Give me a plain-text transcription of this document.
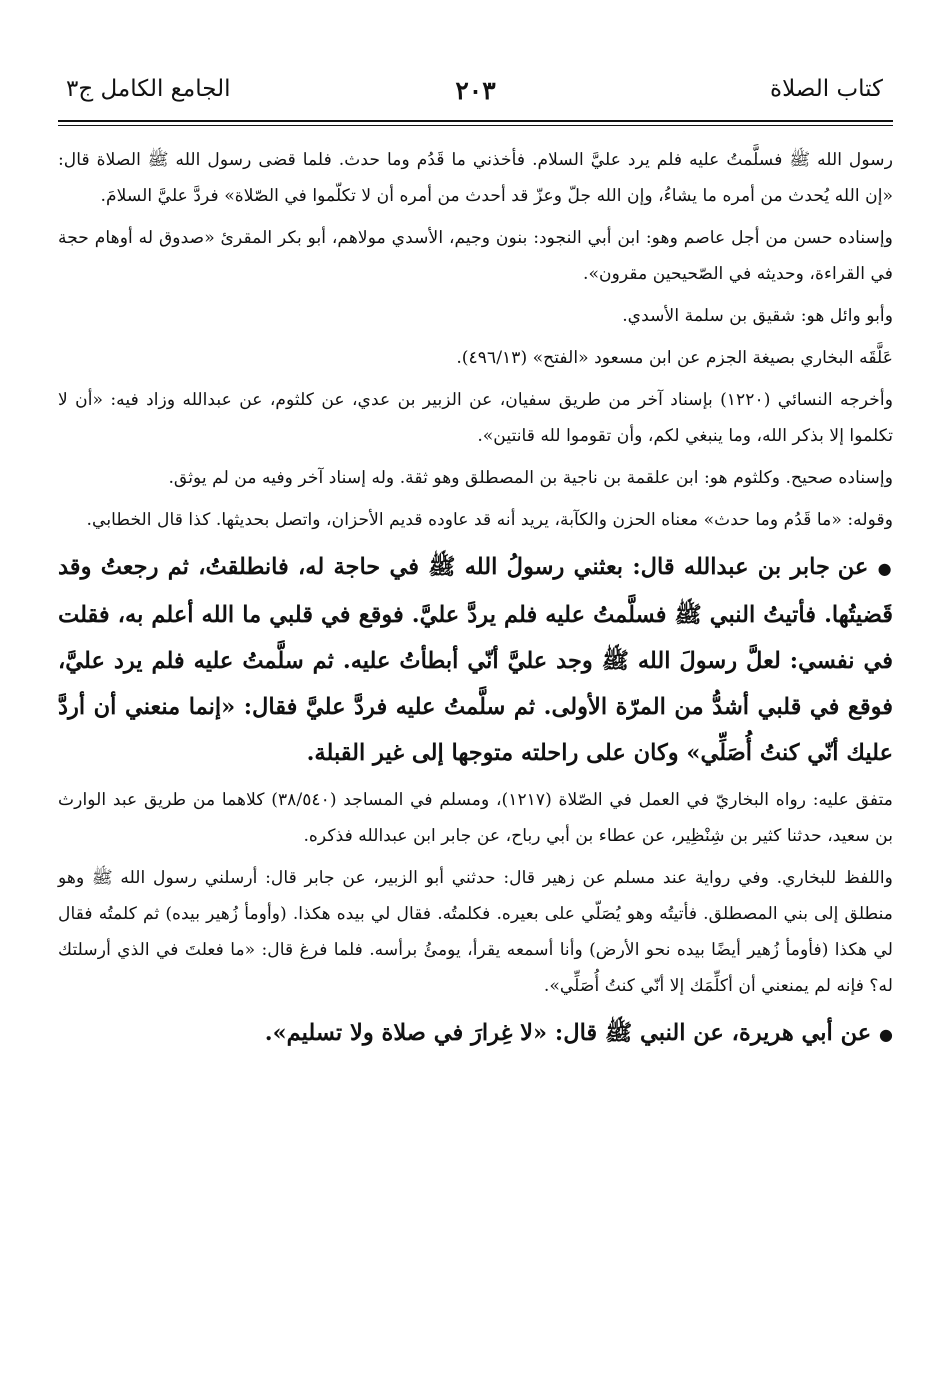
كتاب الصلاة
٢٠٣
الجامع الكامل ج٣

رسول الله ﷺ فسلَّمتُ عليه فلم يرد عليَّ السلام. فأخذني ما قَدُم وما حدث. فلما قضى رسول الله ﷺ الصلاة قال: «إن الله يُحدث من أمره ما يشاءُ، وإن الله جلّ وعزّ قد أحدث من أمره أن لا تكلّموا في الصّلاة» فردَّ عليَّ السلامَ.

وإسناده حسن من أجل عاصم وهو: ابن أبي النجود: بنون وجيم، الأسدي مولاهم، أبو بكر المقرئ «صدوق له أوهام حجة في القراءة، وحديثه في الصّحيحين مقرون».

وأبو وائل هو: شقيق بن سلمة الأسدي.

عَلَّقَه البخاري بصيغة الجزم عن ابن مسعود «الفتح» (٤٩٦/١٣).

وأخرجه النسائي (١٢٢٠) بإسناد آخر من طريق سفيان، عن الزبير بن عدي، عن كلثوم، عن عبدالله وزاد فيه: «أن لا تكلموا إلا بذكر الله، وما ينبغي لكم، وأن تقوموا لله قانتين».

وإسناده صحيح. وكلثوم هو: ابن علقمة بن ناجية بن المصطلق وهو ثقة. وله إسناد آخر وفيه من لم يوثق.

وقوله: «ما قَدُم وما حدث» معناه الحزن والكآبة، يريد أنه قد عاوده قديم الأحزان، واتصل بحديثها. كذا قال الخطابي.

● عن جابر بن عبدالله قال: بعثني رسولُ الله ﷺ في حاجة له، فانطلقتُ، ثم رجعتُ وقد قَضيتُها. فأتيتُ النبي ﷺ فسلَّمتُ عليه فلم يردَّ عليَّ. فوقع في قلبي ما الله أعلم به، فقلت في نفسي: لعلَّ رسولَ الله ﷺ وجد عليَّ أنّي أبطأتُ عليه. ثم سلَّمتُ عليه فلم يرد عليَّ، فوقع في قلبي أشدُّ من المرّة الأولى. ثم سلَّمتُ عليه فردَّ عليَّ فقال: «إنما منعني أن أردَّ عليك أنّي كنتُ أُصَلِّي» وكان على راحلته متوجها إلى غير القبلة.

متفق عليه: رواه البخاريّ في العمل في الصّلاة (١٢١٧)، ومسلم في المساجد (٣٨/٥٤٠) كلاهما من طريق عبد الوارث بن سعيد، حدثنا كثير بن شِنْظِير، عن عطاء بن أبي رباح، عن جابر ابن عبدالله فذكره.

واللفظ للبخاري. وفي رواية عند مسلم عن زهير قال: حدثني أبو الزبير، عن جابر قال: أرسلني رسول الله ﷺ وهو منطلق إلى بني المصطلق. فأتيتُه وهو يُصَلّي على بعيره. فكلمتُه. فقال لي بيده هكذا. (وأومأ زُهير بيده) ثم كلمتُه فقال لي هكذا (فأومأ زُهير أيضًا بيده نحو الأرض) وأنا أسمعه يقرأ، يومئُ برأسه. فلما فرغ قال: «ما فعلتَ في الذي أرسلتك له؟ فإنه لم يمنعني أن أكلِّمَك إلا أنّي كنتُ أُصَلِّي».

● عن أبي هريرة، عن النبي ﷺ قال: «لا غِرارَ في صلاة ولا تسليم».
